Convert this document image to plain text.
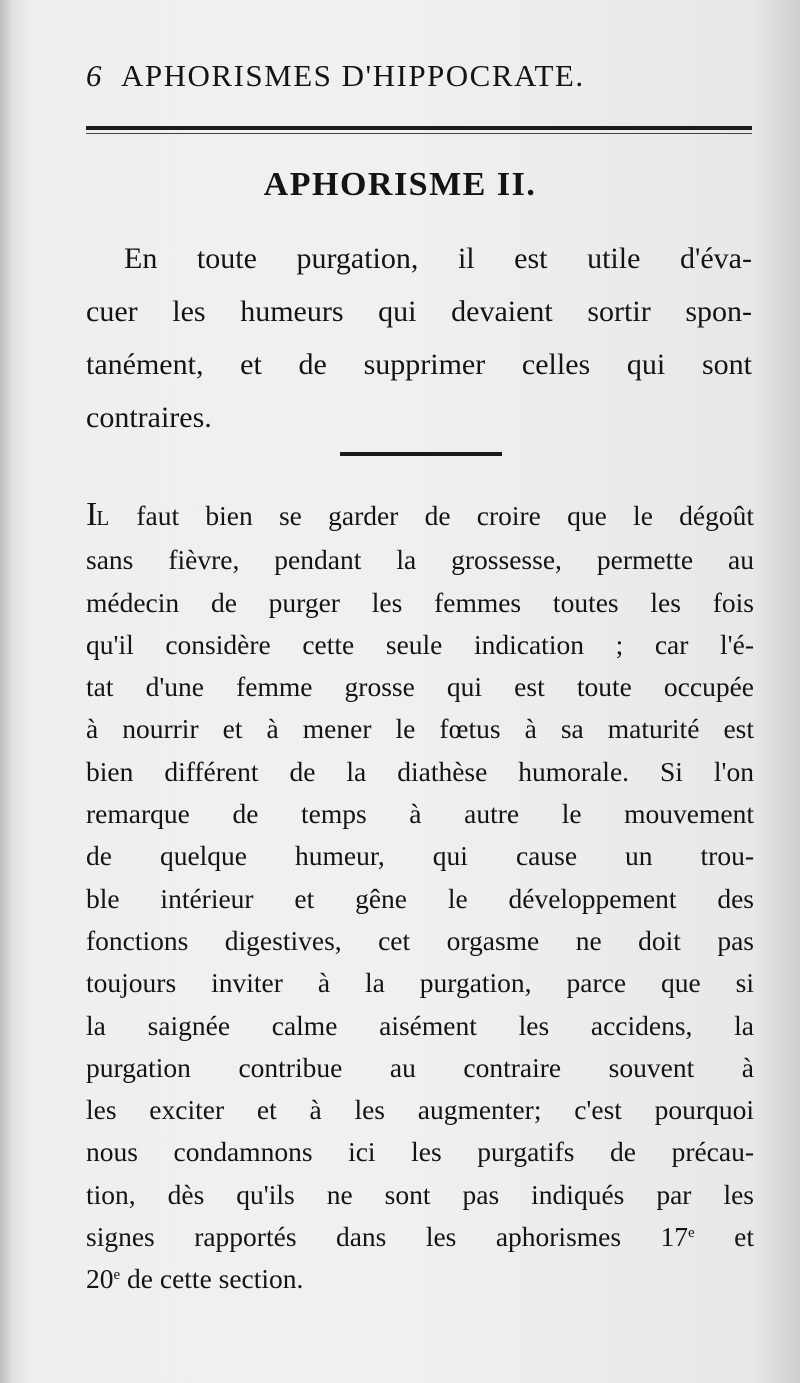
6 APHORISMES D'HIPPOCRATE.
APHORISME II.
En toute purgation, il est utile d'éva-
cuer les humeurs qui devaient sortir spon-
tanément, et de supprimer celles qui sont
contraires.
IL faut bien se garder de croire que le dégoût
sans fièvre, pendant la grossesse, permette au
médecin de purger les femmes toutes les fois
qu'il considère cette seule indication ; car l'é-
tat d'une femme grosse qui est toute occupée
à nourrir et à mener le fœtus à sa maturité est
bien différent de la diathèse humorale. Si l'on
remarque de temps à autre le mouvement
de quelque humeur, qui cause un trou-
ble intérieur et gêne le développement des
fonctions digestives, cet orgasme ne doit pas
toujours inviter à la purgation, parce que si
la saignée calme aisément les accidens, la
purgation contribue au contraire souvent à
les exciter et à les augmenter; c'est pourquoi
nous condamnons ici les purgatifs de précau-
tion, dès qu'ils ne sont pas indiqués par les
signes rapportés dans les aphorismes 17e et
20e de cette section.
